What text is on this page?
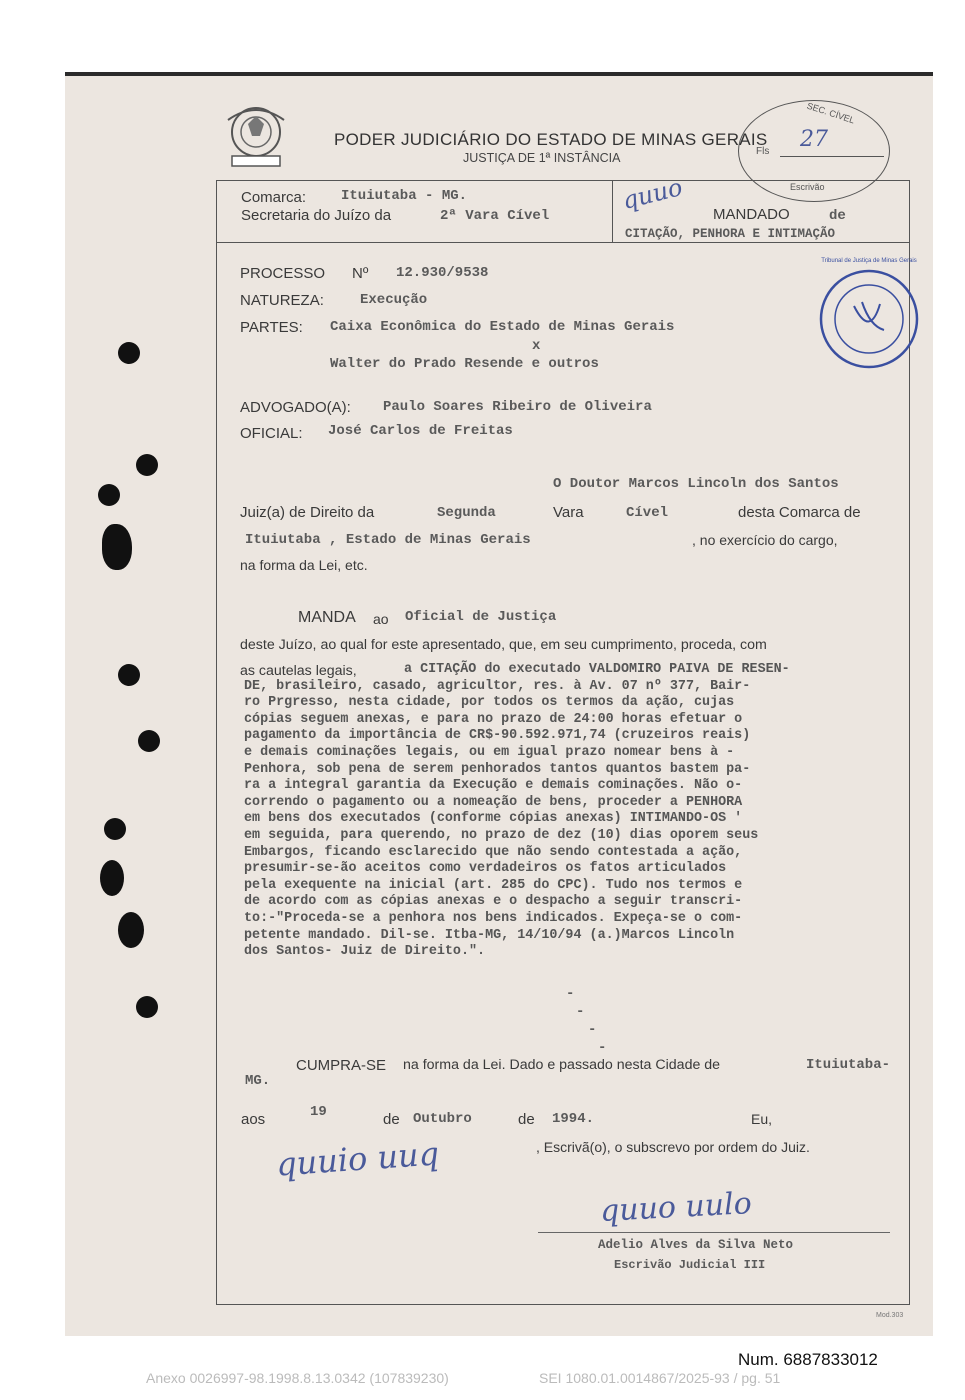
PODER JUDICIÁRIO DO ESTADO DE MINAS GERAIS
JUSTIÇA DE 1ª INSTÂNCIA
SEC. CÍVEL
Fls 27
Escrivão
Comarca: Ituiutaba - MG.
Secretaria do Juízo da	2ª Vara Cível	MANDADO	de
CITAÇÃO, PENHORA E INTIMAÇÃO
quuo
PROCESSO Nº 12.930/9538
NATUREZA:	Execução
PARTES: Caixa Econômica do Estado de Minas Gerais
x
Walter do Prado Resende e outros
ADVOGADO(A): Paulo Soares Ribeiro de Oliveira
OFICIAL: José Carlos de Freitas
Tribunal de Justiça de Minas Gerais
O Doutor Marcos Lincoln dos Santos
Juiz(a) de Direito da	Segunda	Vara	Cível	desta Comarca de
Ituiutaba , Estado de Minas Gerais	, no exercício do cargo,
na forma da Lei, etc.
MANDA ao Oficial de Justiça
deste Juízo, ao qual for este apresentado, que, em seu cumprimento, proceda, com
as cautelas legais,	a CITAÇÃO do executado VALDOMIRO PAIVA DE RESEN-
DE, brasileiro, casado, agricultor, res. à Av. 07 nº 377, Bair-
ro Prgresso, nesta cidade, por todos os termos da ação, cujas
cópias seguem anexas, e para no prazo de 24:00 horas efetuar o
pagamento da importância de CR$-90.592.971,74 (cruzeiros reais)
e demais cominações legais, ou em igual prazo nomear bens à -
Penhora, sob pena de serem penhorados tantos quantos bastem pa-
ra a integral garantia da Execução e demais cominações. Não o-
correndo o pagamento ou a nomeação de bens, proceder a PENHORA
em bens dos executados (conforme cópias anexas) INTIMANDO-OS '
em seguida, para querendo, no prazo de dez (10) dias oporem seus
Embargos, ficando esclarecido que não sendo contestada a ação,
presumir-se-ão aceitos como verdadeiros os fatos articulados
pela exequente na inicial (art. 285 do CPC). Tudo nos termos e
de acordo com as cópias anexas e o despacho a seguir transcri-
to:-"Proceda-se a penhora nos bens indicados. Expeça-se o com-
petente mandado. Dil-se. Itba-MG, 14/10/94 (a.)Marcos Lincoln
dos Santos- Juiz de Direito.".
-
-
-
-
CUMPRA-SE na forma da Lei. Dado e passado nesta Cidade de	Ituiutaba-
MG.
aos	19	de Outubro	de 1994.	Eu,
, Escrivã(o), o subscrevo por ordem do Juiz.
quuio uuq
quuo uulo
Adelio Alves da Silva Neto
Escrivão Judicial III
Mod.303
Num. 6887833012
Anexo 0026997-98.1998.8.13.0342 (107839230)	SEI 1080.01.0014867/2025-93 / pg. 51
